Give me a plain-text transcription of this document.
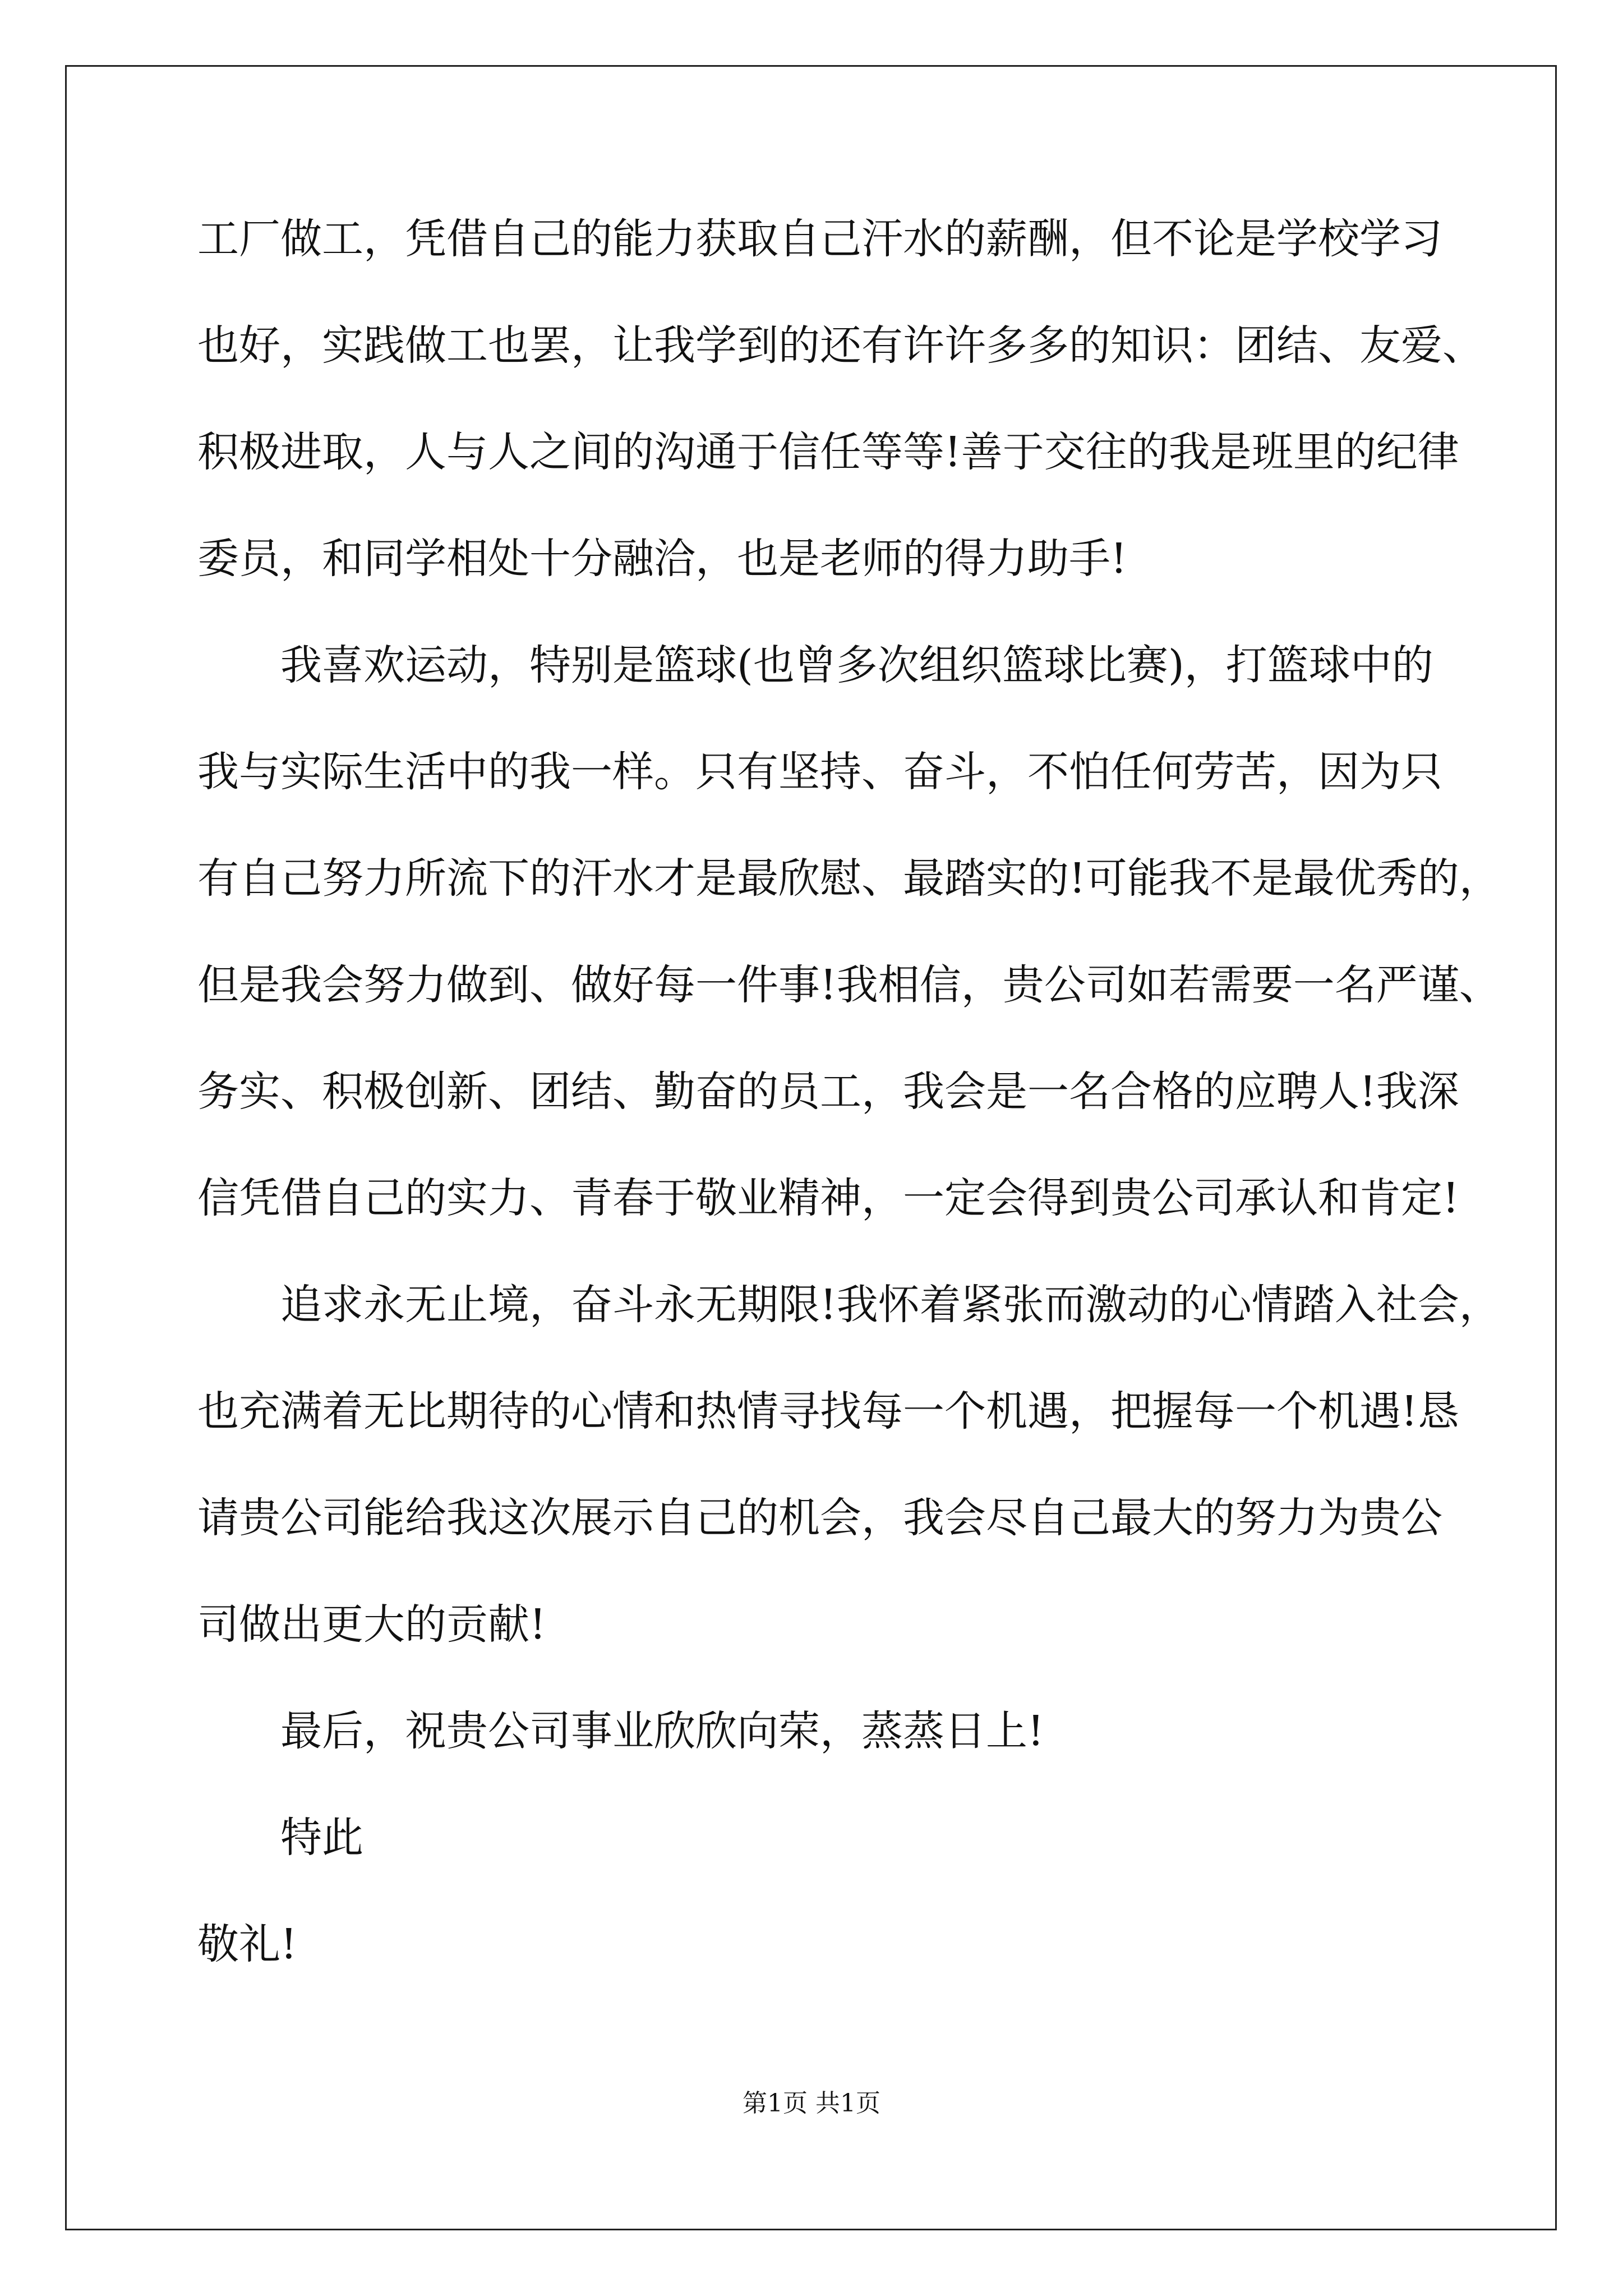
工厂做工，凭借自己的能力获取自己汗水的薪酬，但不论是学校学习
也好，实践做工也罢，让我学到的还有许许多多的知识：团结、友爱、
积极进取，人与人之间的沟通于信任等等!善于交往的我是班里的纪律
委员，和同学相处十分融洽，也是老师的得力助手!
我喜欢运动，特别是篮球(也曾多次组织篮球比赛)，打篮球中的
我与实际生活中的我一样。只有坚持、奋斗，不怕任何劳苦，因为只
有自己努力所流下的汗水才是最欣慰、最踏实的!可能我不是最优秀的，
但是我会努力做到、做好每一件事!我相信，贵公司如若需要一名严谨、
务实、积极创新、团结、勤奋的员工，我会是一名合格的应聘人!我深
信凭借自己的实力、青春于敬业精神，一定会得到贵公司承认和肯定!
追求永无止境，奋斗永无期限!我怀着紧张而激动的心情踏入社会，
也充满着无比期待的心情和热情寻找每一个机遇，把握每一个机遇!恳
请贵公司能给我这次展示自己的机会，我会尽自己最大的努力为贵公
司做出更大的贡献!
最后，祝贵公司事业欣欣向荣，蒸蒸日上!
特此
敬礼!
第1页 共1页
